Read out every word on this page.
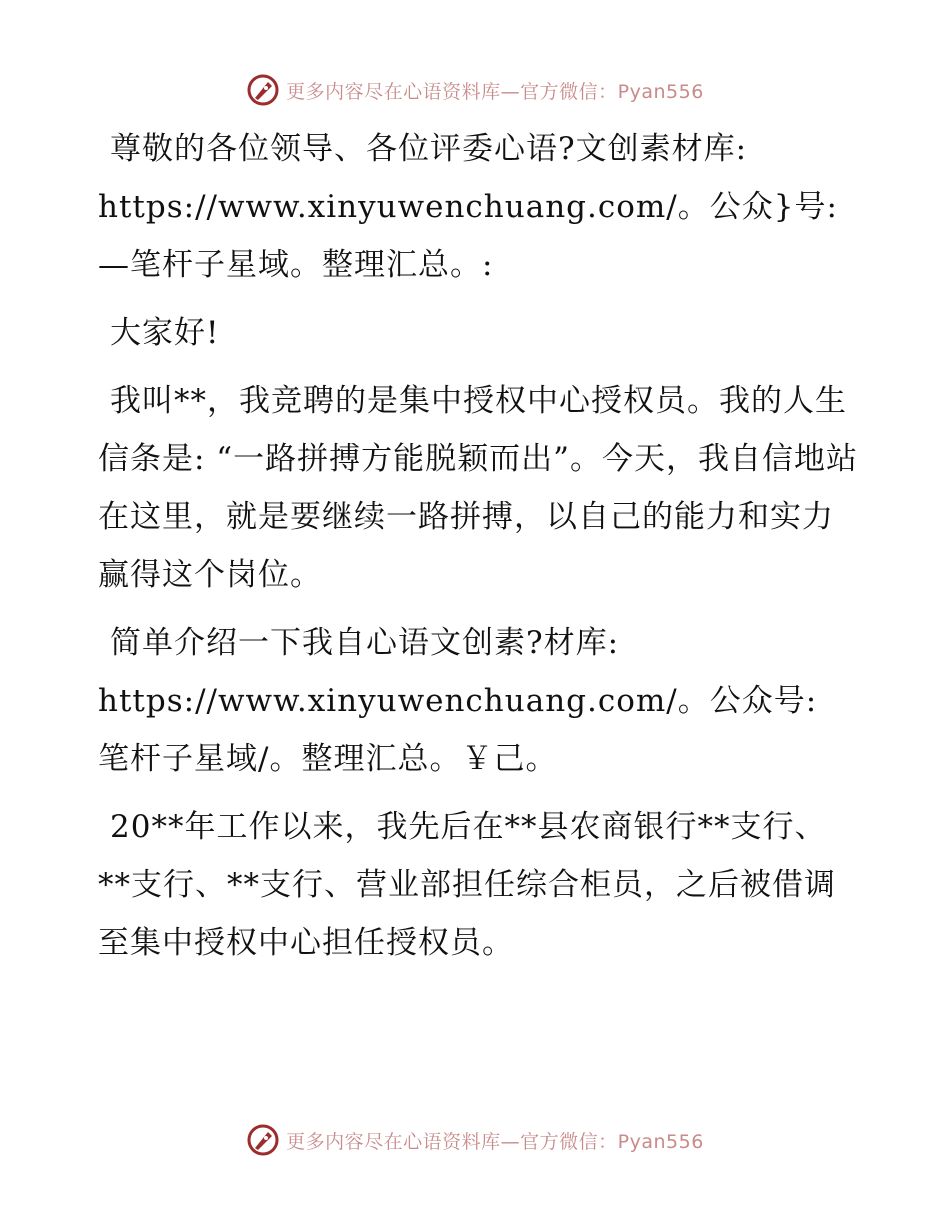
更多内容尽在心语资料库—官方微信：Pyan556

尊敬的各位领导、各位评委心语?文创素材库: https://www.xinyuwenchuang.com/。公众}号: —笔杆子星域。整理汇总。:

大家好!

我叫**，我竞聘的是集中授权中心授权员。我的人生信条是: “一路拼搏方能脱颖而出”。今天，我自信地站在这里，就是要继续一路拼搏，以自己的能力和实力赢得这个岗位。

简单介绍一下我自心语文创素?材库: https://www.xinyuwenchuang.com/。公众号: 笔杆子星域/。整理汇总。￥己。

20**年工作以来，我先后在**县农商银行**支行、**支行、**支行、营业部担任综合柜员，之后被借调至集中授权中心担任授权员。

更多内容尽在心语资料库—官方微信：Pyan556
